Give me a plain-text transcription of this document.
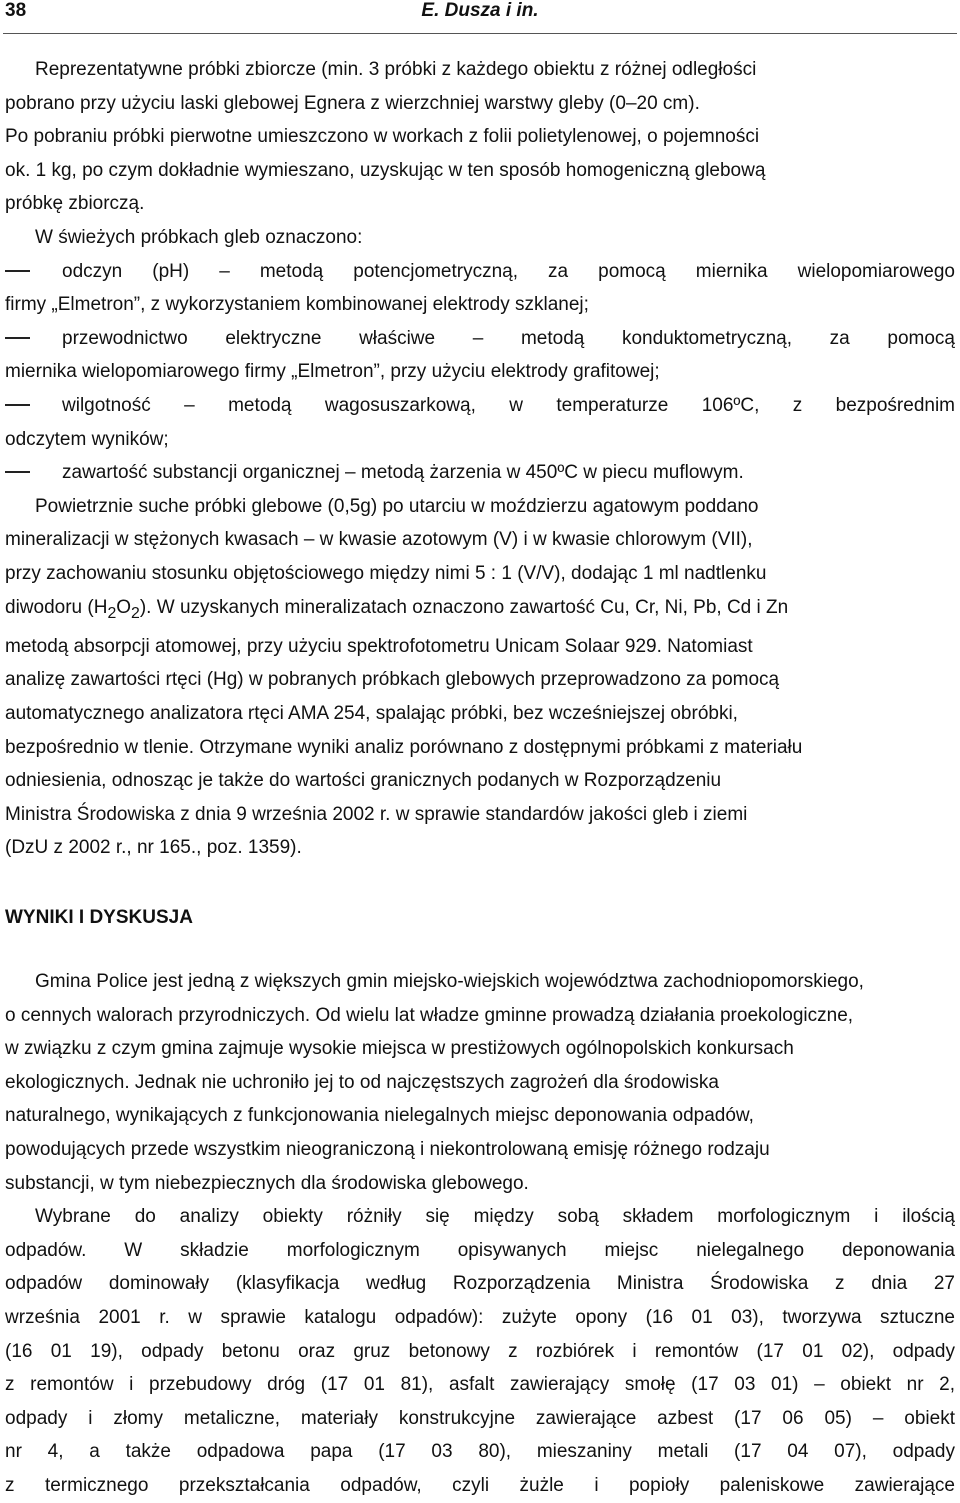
38	E. Dusza i in.

Reprezentatywne próbki zbiorcze (min. 3 próbki z każdego obiektu z różnej odległości
pobrano przy użyciu laski glebowej Egnera z wierzchniej warstwy gleby (0–20 cm).
Po pobraniu próbki pierwotne umieszczono w workach z folii polietylenowej, o pojemności
ok. 1 kg, po czym dokładnie wymieszano, uzyskując w ten sposób homogeniczną glebową
próbkę zbiorczą.

W świeżych próbkach gleb oznaczono:

odczyn (pH) – metodą potencjometryczną, za pomocą miernika wielopomiarowego

firmy „Elmetron”, z wykorzystaniem kombinowanej elektrody szklanej;

przewodnictwo elektryczne właściwe – metodą konduktometryczną, za pomocą

miernika wielopomiarowego firmy „Elmetron”, przy użyciu elektrody grafitowej;

wilgotność – metodą wagosuszarkową, w temperaturze 106ºC, z bezpośrednim

odczytem wyników;

zawartość substancji organicznej – metodą żarzenia w 450ºC w piecu muflowym.

Powietrznie suche próbki glebowe (0,5g) po utarciu w moździerzu agatowym poddano
mineralizacji w stężonych kwasach – w kwasie azotowym (V) i w kwasie chlorowym (VII),
przy zachowaniu stosunku objętościowego między nimi 5 : 1 (V/V), dodając 1 ml nadtlenku
diwodoru $(H_2O_2)$. W uzyskanych mineralizatach oznaczono zawartość Cu, Cr, Ni, Pb, Cd i Zn
metodą absorpcji atomowej, przy użyciu spektrofotometru Unicam Solaar 929. Natomiast
analizę zawartości rtęci (Hg) w pobranych próbkach glebowych przeprowadzono za pomocą
automatycznego analizatora rtęci AMA 254, spalając próbki, bez wcześniejszej obróbki,
bezpośrednio w tlenie. Otrzymane wyniki analiz porównano z dostępnymi próbkami z materiału
odniesienia, odnosząc je także do wartości granicznych podanych w Rozporządzeniu
Ministra Środowiska z dnia 9 września 2002 r. w sprawie standardów jakości gleb i ziemi
(DzU z 2002 r., nr 165., poz. 1359).

WYNIKI I DYSKUSJA

Gmina Police jest jedną z większych gmin miejsko-wiejskich województwa zachodniopomorskiego,
o cennych walorach przyrodniczych. Od wielu lat władze gminne prowadzą działania proekologiczne,
w związku z czym gmina zajmuje wysokie miejsca w prestiżowych ogólnopolskich konkursach
ekologicznych. Jednak nie uchroniło jej to od najczęstszych zagrożeń dla środowiska
naturalnego, wynikających z funkcjonowania nielegalnych miejsc deponowania odpadów,
powodujących przede wszystkim nieograniczoną i niekontrolowaną emisję różnego rodzaju
substancji, w tym niebezpiecznych dla środowiska glebowego.

Wybrane do analizy obiekty różniły się między sobą składem morfologicznym i ilością
odpadów. W składzie morfologicznym opisywanych miejsc nielegalnego deponowania
odpadów dominowały (klasyfikacja według Rozporządzenia Ministra Środowiska z dnia 27
września 2001 r. w sprawie katalogu odpadów): zużyte opony (16 01 03), tworzywa sztuczne
(16 01 19), odpady betonu oraz gruz betonowy z rozbiórek i remontów (17 01 02), odpady
z remontów i przebudowy dróg (17 01 81), asfalt zawierający smołę (17 03 01) – obiekt nr 2,
odpady i złomy metaliczne, materiały konstrukcyjne zawierające azbest (17 06 05) – obiekt
nr 4, a także odpadowa papa (17 03 80), mieszaniny metali (17 04 07), odpady
z termicznego przekształcania odpadów, czyli żużle i popioły paleniskowe zawierające
